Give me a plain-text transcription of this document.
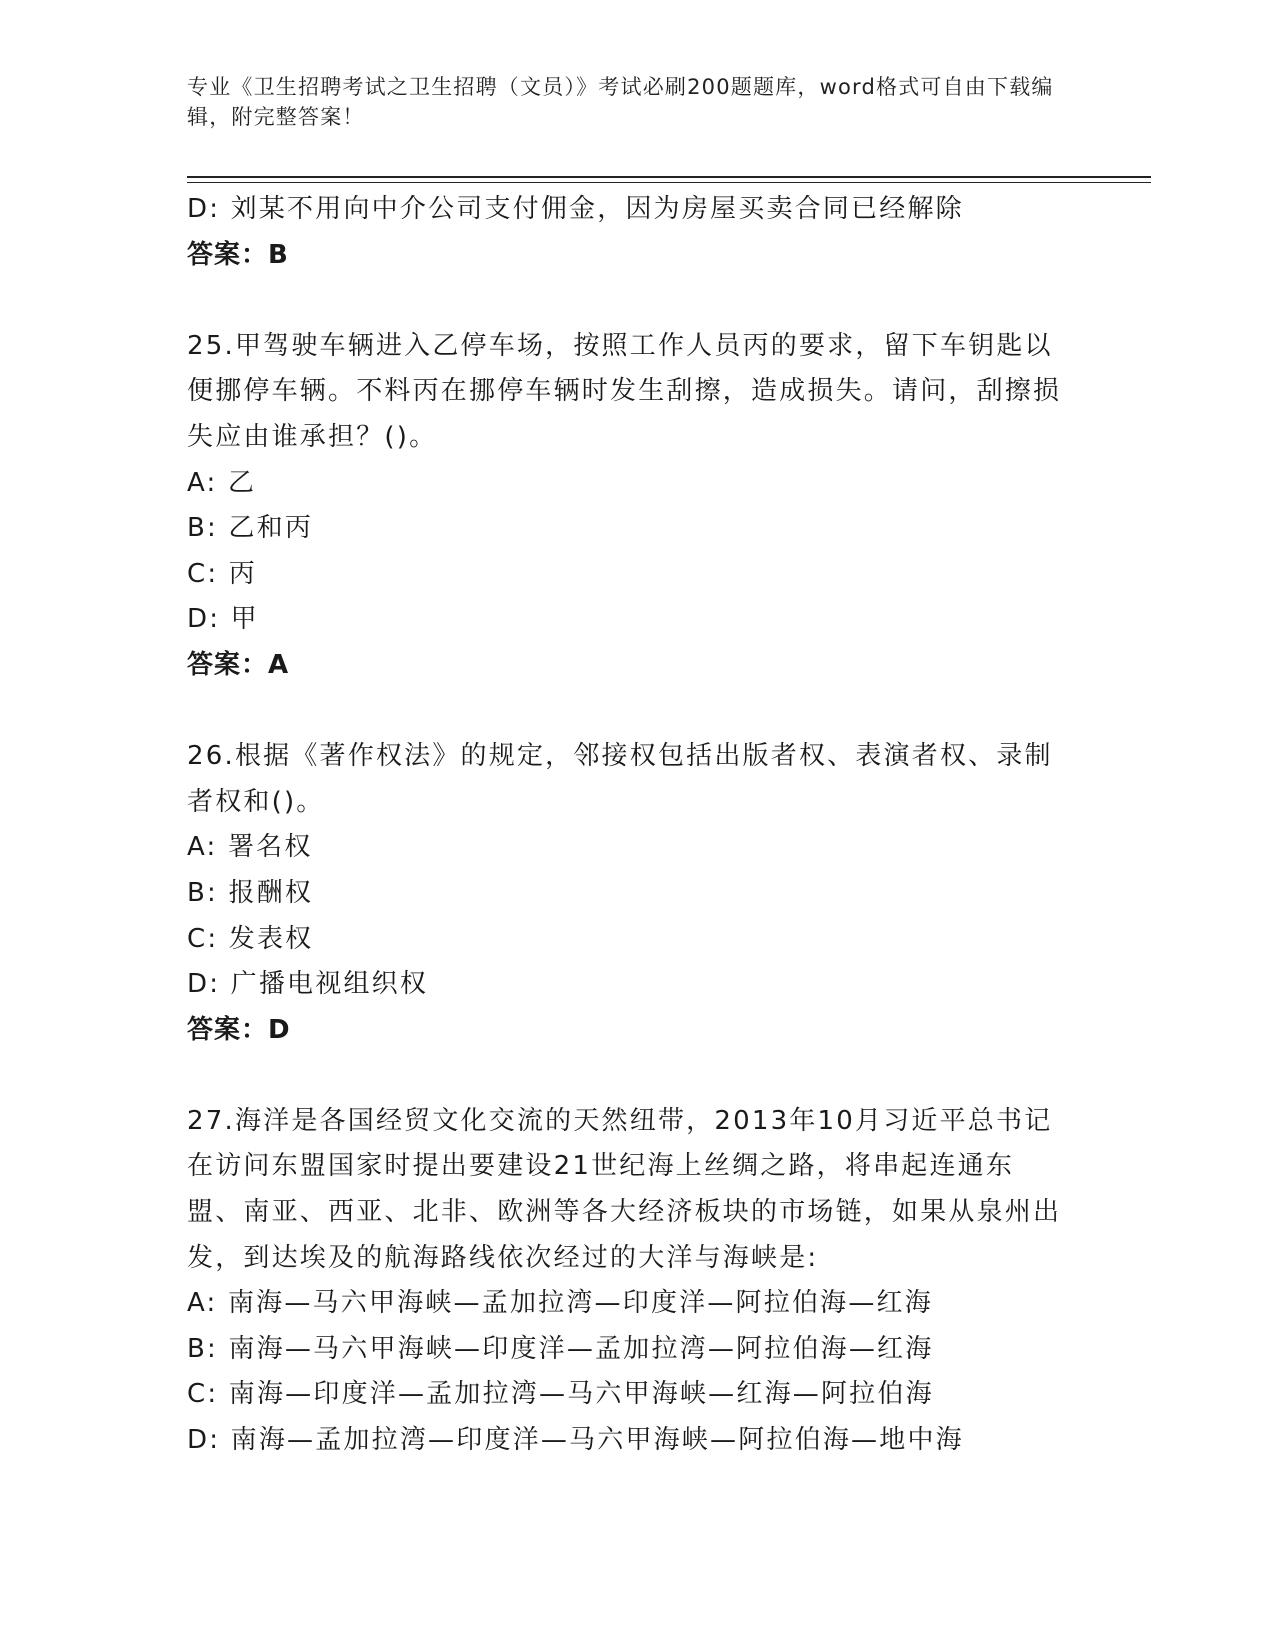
专业《卫生招聘考试之卫生招聘（文员）》考试必刷200题题库，word格式可自由下载编辑，附完整答案！

D: 刘某不用向中介公司支付佣金，因为房屋买卖合同已经解除

答案：B

25.甲驾驶车辆进入乙停车场，按照工作人员丙的要求，留下车钥匙以便挪停车辆。不料丙在挪停车辆时发生刮擦，造成损失。请问，刮擦损失应由谁承担？()。

A: 乙

B: 乙和丙

C: 丙

D: 甲

答案：A

26.根据《著作权法》的规定，邻接权包括出版者权、表演者权、录制者权和()。

A: 署名权

B: 报酬权

C: 发表权

D: 广播电视组织权

答案：D

27.海洋是各国经贸文化交流的天然纽带，2013年10月习近平总书记在访问东盟国家时提出要建设21世纪海上丝绸之路，将串起连通东盟、南亚、西亚、北非、欧洲等各大经济板块的市场链，如果从泉州出发，到达埃及的航海路线依次经过的大洋与海峡是:

A: 南海—马六甲海峡—孟加拉湾—印度洋—阿拉伯海—红海

B: 南海—马六甲海峡—印度洋—孟加拉湾—阿拉伯海—红海

C: 南海—印度洋—孟加拉湾—马六甲海峡—红海—阿拉伯海

D: 南海—孟加拉湾—印度洋—马六甲海峡—阿拉伯海—地中海
